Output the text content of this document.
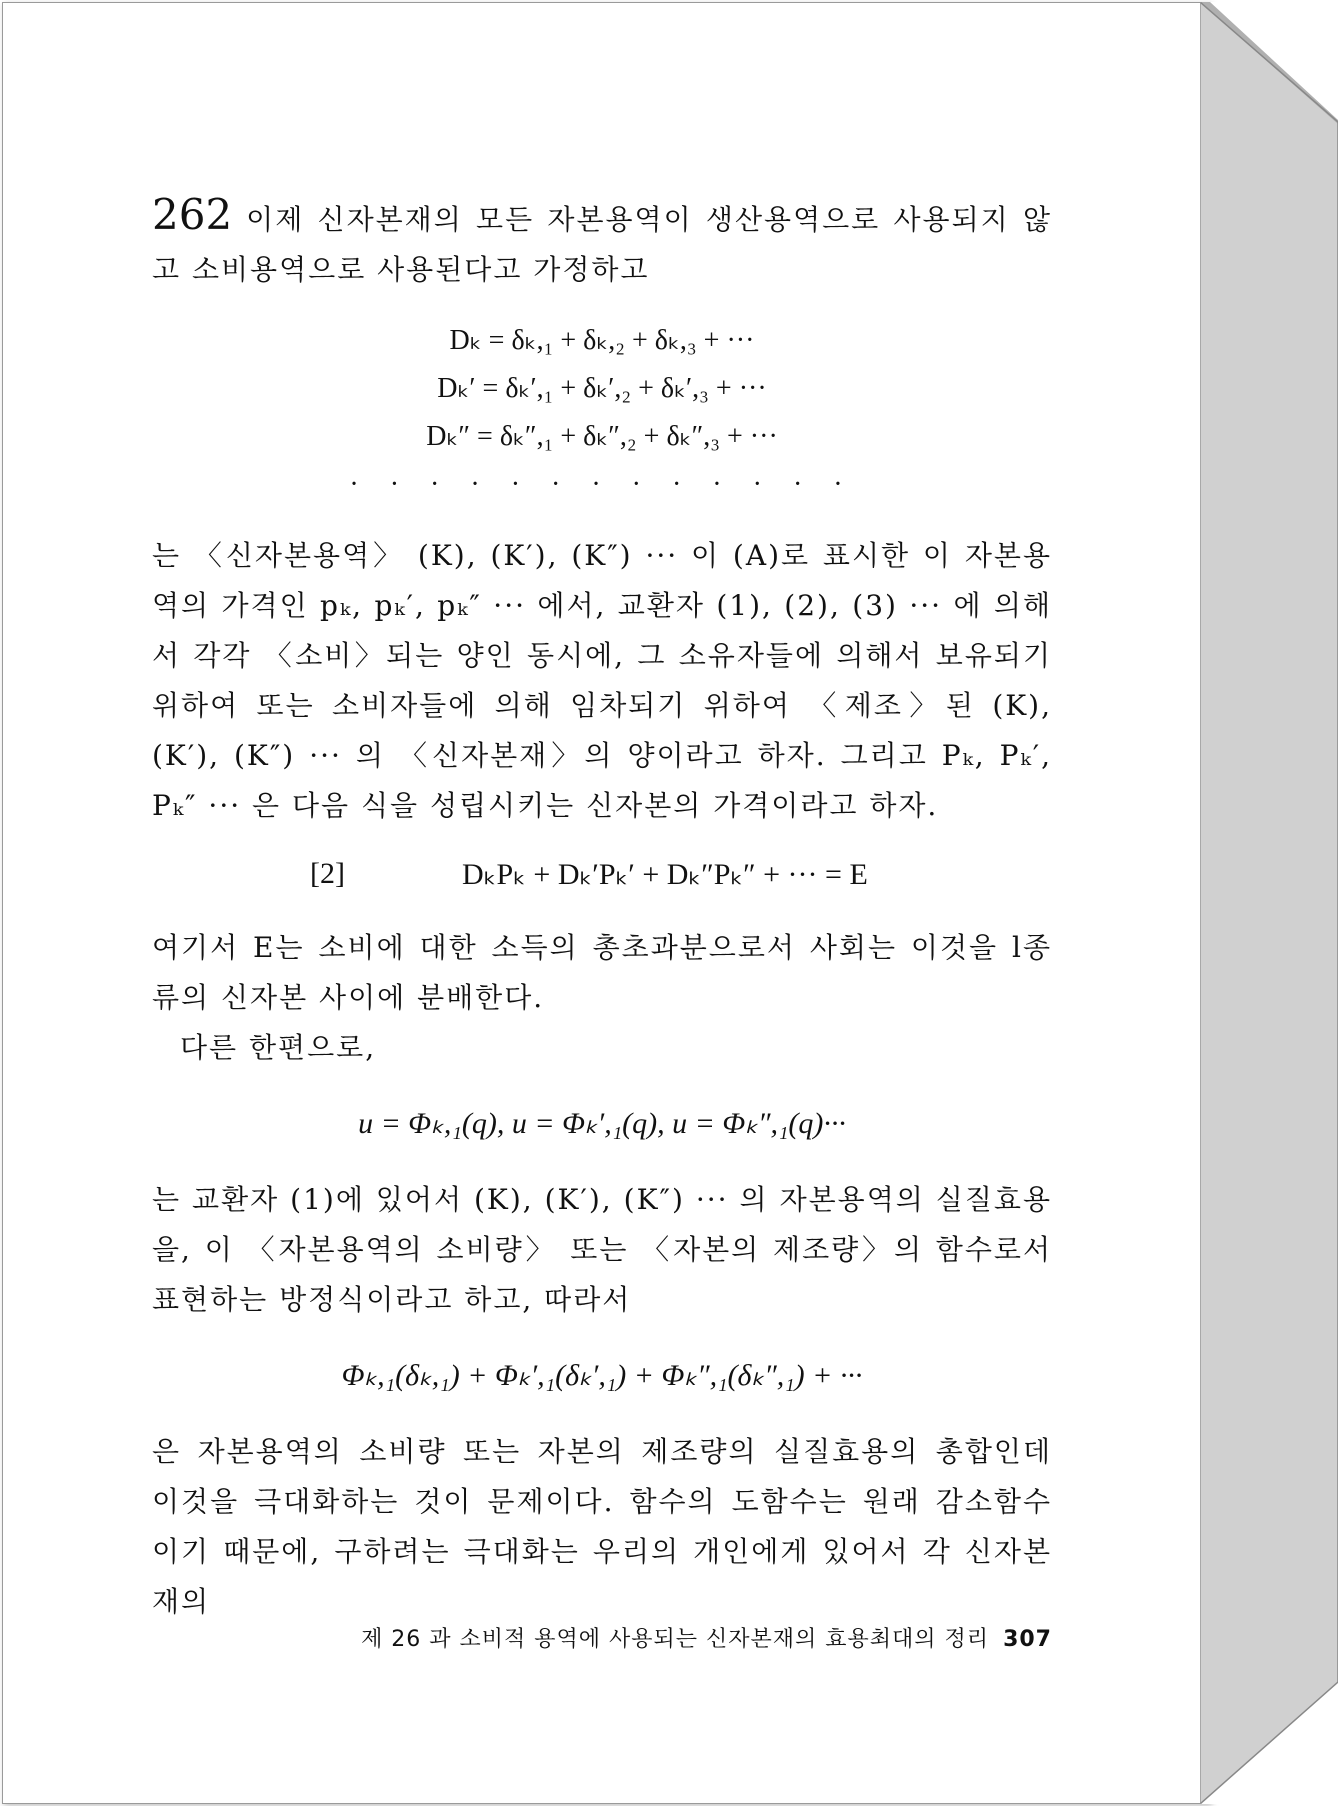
262 이제 신자본재의 모든 자본용역이 생산용역으로 사용되지 않고 소비용역으로 사용된다고 가정하고

Dₖ = δₖ,₁ + δₖ,₂ + δₖ,₃ + ···
Dₖ′ = δₖ′,₁ + δₖ′,₂ + δₖ′,₃ + ···
Dₖ″ = δₖ″,₁ + δₖ″,₂ + δₖ″,₃ + ···
· · · · · · · · · · · · ·

는 〈신자본용역〉 (K), (K′), (K″) ··· 이 (A)로 표시한 이 자본용역의 가격인 pₖ, pₖ′, pₖ″ ··· 에서, 교환자 (1), (2), (3) ··· 에 의해서 각각 〈소비〉되는 양인 동시에, 그 소유자들에 의해서 보유되기 위하여 또는 소비자들에 의해 임차되기 위하여 〈제조〉된 (K), (K′), (K″) ··· 의 〈신자본재〉의 양이라고 하자. 그리고 Pₖ, Pₖ′, Pₖ″ ··· 은 다음 식을 성립시키는 신자본의 가격이라고 하자.

[2]	DₖPₖ + Dₖ′Pₖ′ + Dₖ″Pₖ″ + ··· = E

여기서 E는 소비에 대한 소득의 총초과분으로서 사회는 이것을 l종류의 신자본 사이에 분배한다.

다른 한편으로,

u = Φₖ,₁(q), u = Φₖ′,₁(q), u = Φₖ″,₁(q)···

는 교환자 (1)에 있어서 (K), (K′), (K″) ··· 의 자본용역의 실질효용을, 이 〈자본용역의 소비량〉 또는 〈자본의 제조량〉의 함수로서 표현하는 방정식이라고 하고, 따라서

Φₖ,₁(δₖ,₁) + Φₖ′,₁(δₖ′,₁) + Φₖ″,₁(δₖ″,₁) + ···

은 자본용역의 소비량 또는 자본의 제조량의 실질효용의 총합인데 이것을 극대화하는 것이 문제이다. 함수의 도함수는 원래 감소함수이기 때문에, 구하려는 극대화는 우리의 개인에게 있어서 각 신자본재의

제 26 과 소비적 용역에 사용되는 신자본재의 효용최대의 정리 307
